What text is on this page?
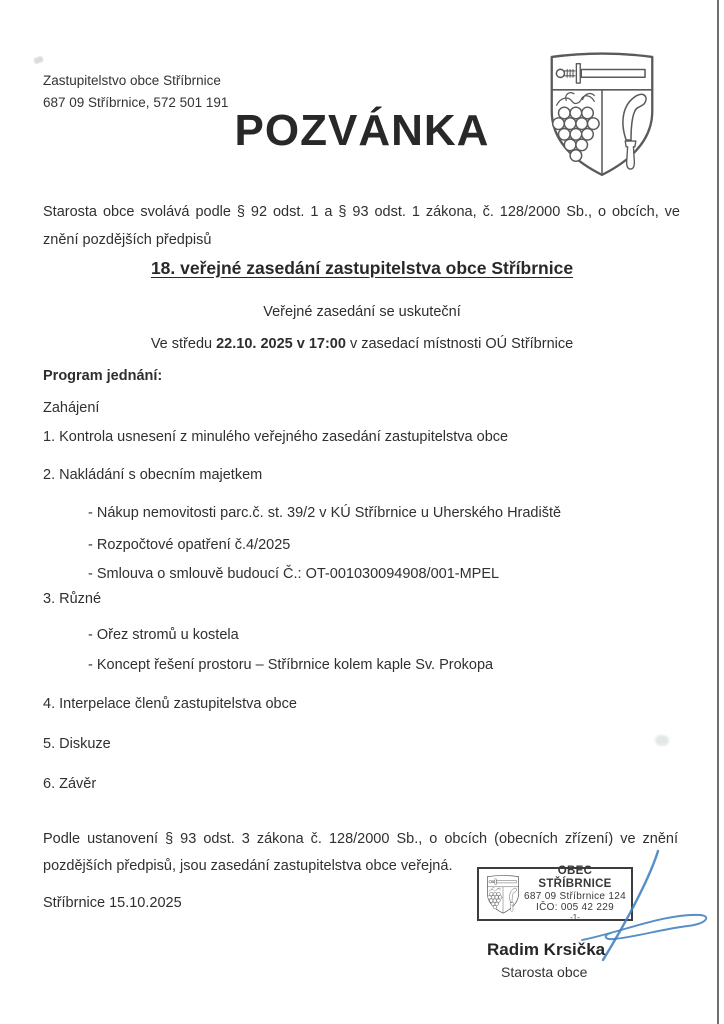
Zastupitelstvo obce Stříbrnice
687 09 Stříbrnice, 572 501 191
POZVÁNKA
Starosta obce svolává podle § 92 odst. 1 a § 93 odst. 1 zákona, č. 128/2000 Sb., o obcích, ve znění pozdějších předpisů
18. veřejné zasedání zastupitelstva obce Stříbrnice
Veřejné zasedání se uskuteční
Ve středu 22.10. 2025 v 17:00 v zasedací místnosti OÚ Stříbrnice
Program jednání:
Zahájení
1. Kontrola usnesení z minulého veřejného zasedání zastupitelstva obce
2. Nakládání s obecním majetkem
- Nákup nemovitosti parc.č. st. 39/2 v KÚ Stříbrnice u Uherského Hradiště
- Rozpočtové opatření č.4/2025
- Smlouva o smlouvě budoucí Č.: OT-001030094908/001-MPEL
3. Různé
- Ořez stromů u kostela
- Koncept řešení prostoru – Stříbrnice kolem kaple Sv. Prokopa
4. Interpelace členů zastupitelstva obce
5. Diskuze
6. Závěr
Podle ustanovení § 93 odst. 3 zákona č. 128/2000 Sb., o obcích (obecních zřízení) ve znění pozdějších předpisů, jsou zasedání zastupitelstva obce veřejná.
Stříbrnice 15.10.2025
OBEC STŘÍBRNICE
687 09 Stříbrnice 124
IČO: 005 42 229
-1-
Radim Krsička
Starosta obce
